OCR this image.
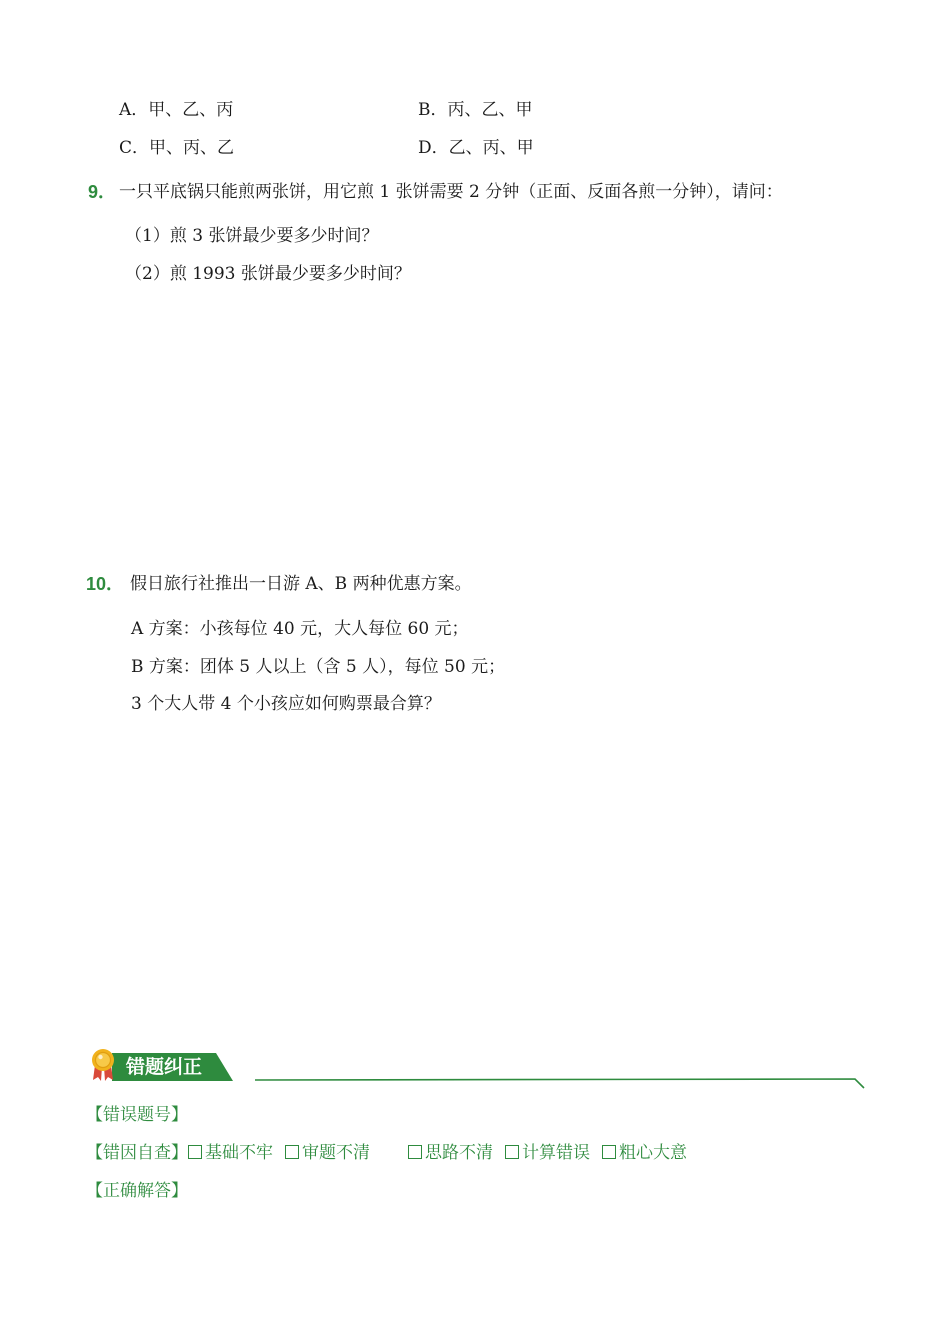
A．甲、乙、丙	B．丙、乙、甲
C．甲、丙、乙	D．乙、丙、甲
9． 一只平底锅只能煎两张饼，用它煎 1 张饼需要 2 分钟（正面、反面各煎一分钟），请问：
（1）煎 3 张饼最少要多少时间？
（2）煎 1993 张饼最少要多少时间？
10． 假日旅行社推出一日游 A、B 两种优惠方案。
A 方案：小孩每位 40 元，大人每位 60 元；
B 方案：团体 5 人以上（含 5 人），每位 50 元；
3 个大人带 4 个小孩应如何购票最合算？
错题纠正
【错误题号】
【错因自查】 基础不牢 审题不清	思路不清 计算错误 粗心大意
【正确解答】
